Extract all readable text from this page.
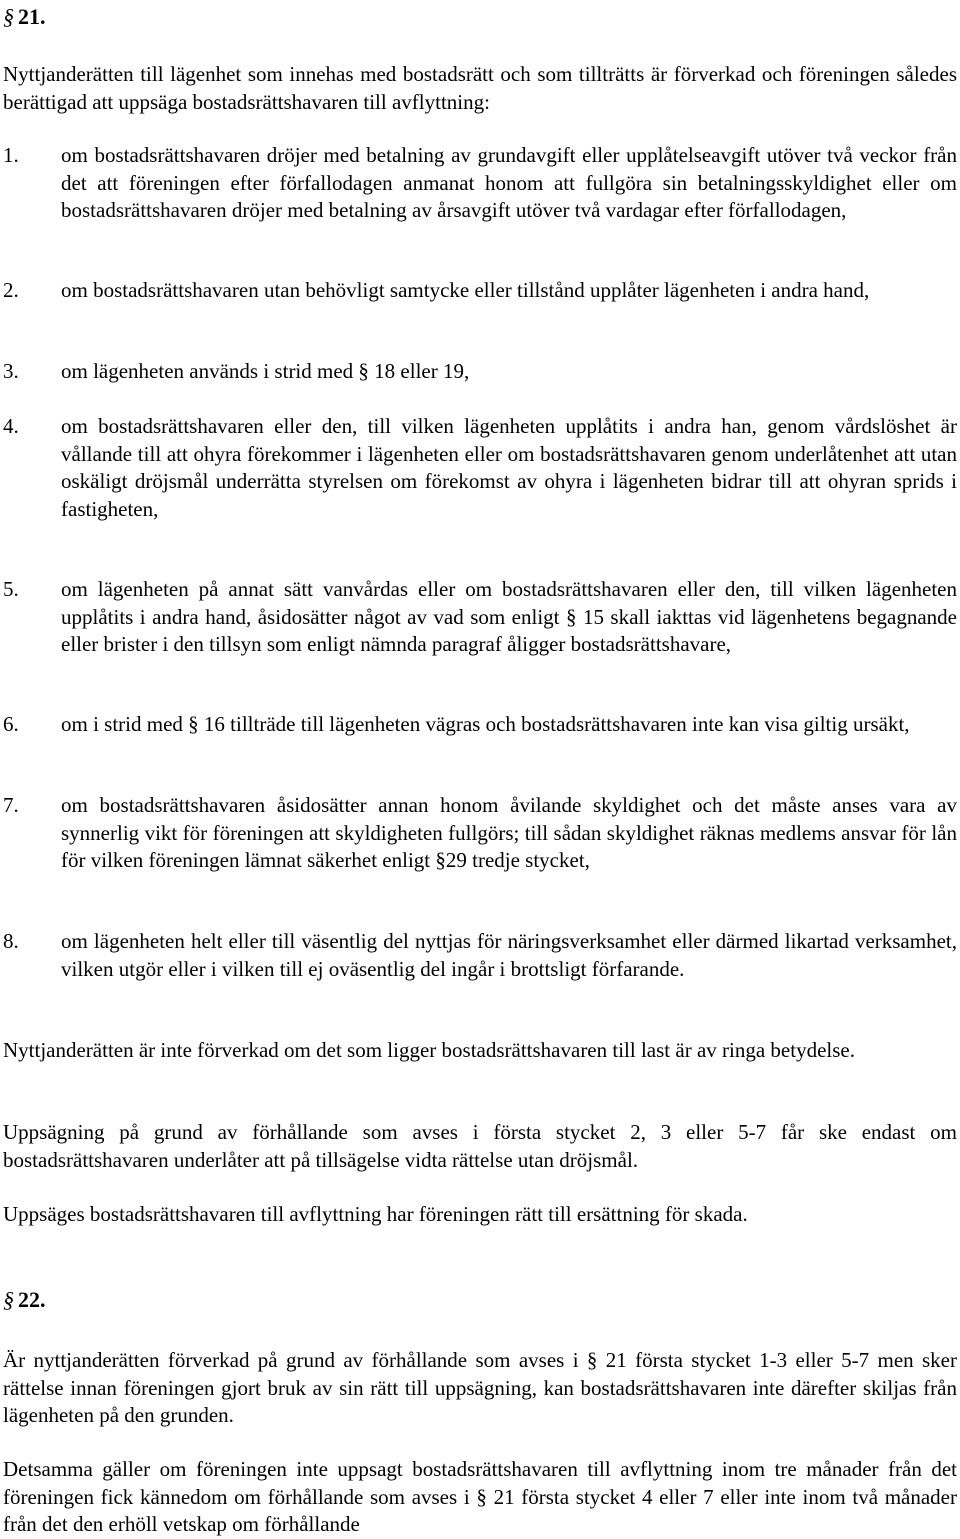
§ 21.
Nyttjanderätten till lägenhet som innehas med bostadsrätt och som tillträtts är förverkad och föreningen således berättigad att uppsäga bostadsrättshavaren till avflyttning:
1.	om bostadsrättshavaren dröjer med betalning av grundavgift eller upplåtelseavgift utöver två veckor från det att föreningen efter förfallodagen anmanat honom att fullgöra sin betalningsskyldighet eller om bostadsrättshavaren dröjer med betalning av årsavgift utöver två vardagar efter förfallodagen,
2.	om bostadsrättshavaren utan behövligt samtycke eller tillstånd upplåter lägenheten i andra hand,
3.	om lägenheten används i strid med § 18 eller 19,
4.	om bostadsrättshavaren eller den, till vilken lägenheten upplåtits i andra han, genom vårdslöshet är vållande till att ohyra förekommer i lägenheten eller om bostadsrättshavaren genom underlåtenhet att utan oskäligt dröjsmål underrätta styrelsen om förekomst av ohyra i lägenheten bidrar till att ohyran sprids i fastigheten,
5.	om lägenheten på annat sätt vanvårdas eller om bostadsrättshavaren eller den, till vilken lägenheten upplåtits i andra hand, åsidosätter något av vad som enligt § 15 skall iakttas vid lägenhetens begagnande eller brister i den tillsyn som enligt nämnda paragraf åligger bostadsrättshavare,
6.	om i strid med § 16 tillträde till lägenheten vägras och bostadsrättshavaren inte kan visa giltig ursäkt,
7.	om bostadsrättshavaren åsidosätter annan honom åvilande skyldighet och det måste anses vara av synnerlig vikt för föreningen att skyldigheten fullgörs; till sådan skyldighet räknas medlems ansvar för lån för vilken föreningen lämnat säkerhet enligt §29 tredje stycket,
8.	om lägenheten helt eller till väsentlig del nyttjas för näringsverksamhet eller därmed likartad verksamhet, vilken utgör eller i vilken till ej oväsentlig del ingår i brottsligt förfarande.
Nyttjanderätten är inte förverkad om det som ligger bostadsrättshavaren till last är av ringa betydelse.
Uppsägning på grund av förhållande som avses i första stycket 2, 3 eller 5-7 får ske endast om bostadsrättshavaren underlåter att på tillsägelse vidta rättelse utan dröjsmål.
Uppsäges bostadsrättshavaren till avflyttning har föreningen rätt till ersättning för skada.
§ 22.
Är nyttjanderätten förverkad på grund av förhållande som avses i § 21 första stycket 1-3 eller 5-7 men sker rättelse innan föreningen gjort bruk av sin rätt till uppsägning, kan bostadsrättshavaren inte därefter skiljas från lägenheten på den grunden.
Detsamma gäller om föreningen inte uppsagt bostadsrättshavaren till avflyttning inom tre månader från det föreningen fick kännedom om förhållande som avses i § 21 första stycket 4 eller 7 eller inte inom två månader från det den erhöll vetskap om förhållande
